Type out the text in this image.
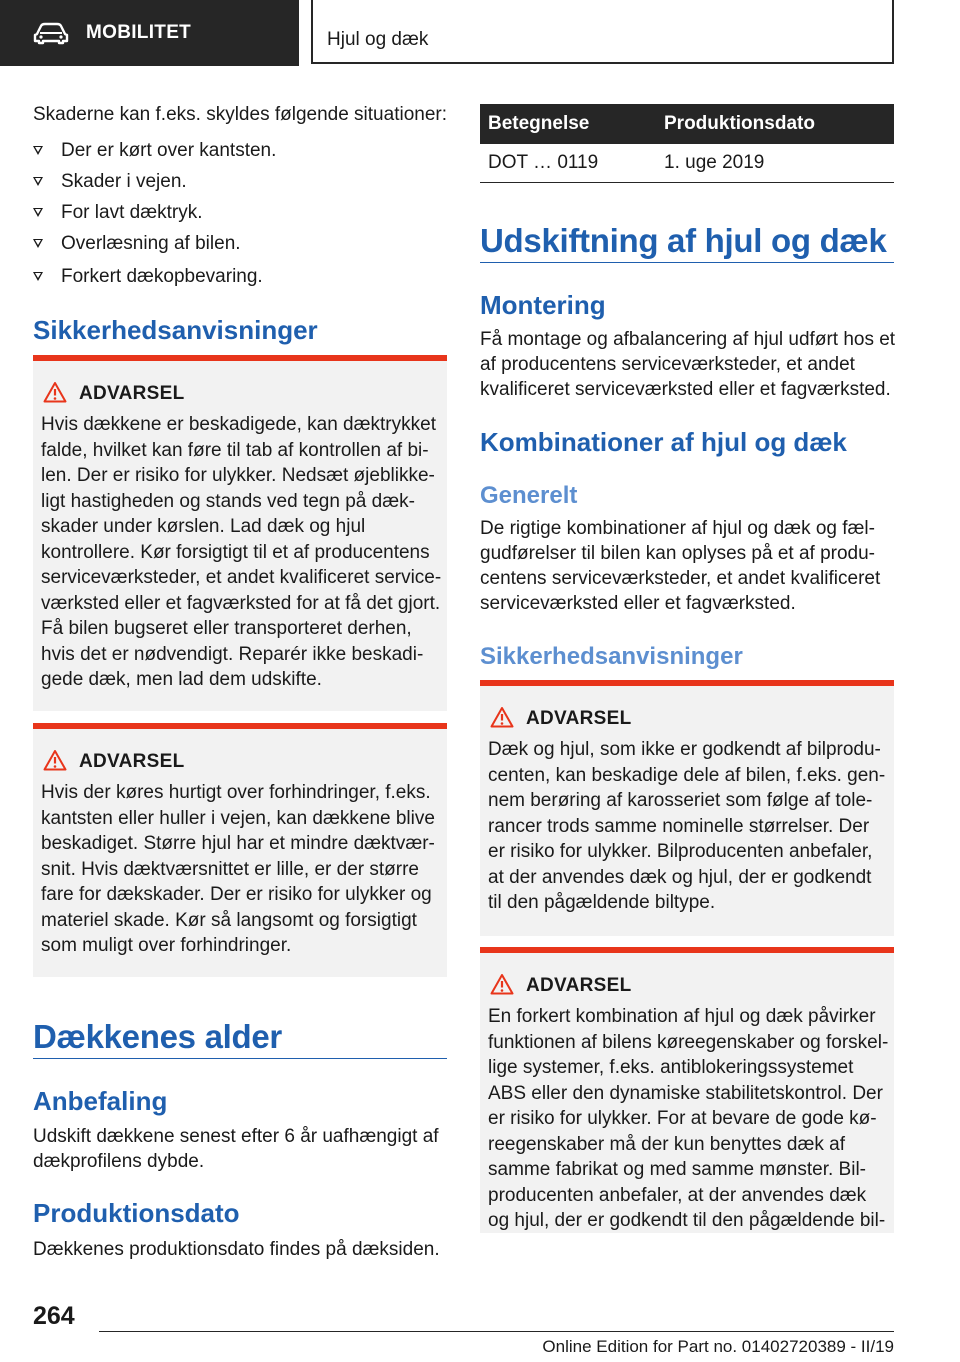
MOBILITET	Hjul og dæk

Skaderne kan f.eks. skyldes følgende situationer:

Der er kørt over kantsten.
Skader i vejen.
For lavt dæktryk.
Overlæsning af bilen.
Forkert dækopbevaring.
Sikkerhedsanvisninger
ADVARSEL
Hvis dækkene er beskadigede, kan dæktrykket
falde, hvilket kan føre til tab af kontrollen af bi‐
len. Der er risiko for ulykker. Nedsæt øjeblikke‐
ligt hastigheden og stands ved tegn på dæk‐
skader under kørslen. Lad dæk og hjul
kontrollere. Kør forsigtigt til et af producentens
serviceværksteder, et andet kvalificeret service‐
værksted eller et fagværksted for at få det gjort.
Få bilen bugseret eller transporteret derhen,
hvis det er nødvendigt. Reparér ikke beskadi‐
gede dæk, men lad dem udskifte.
ADVARSEL
Hvis der køres hurtigt over forhindringer, f.eks.
kantsten eller huller i vejen, kan dækkene blive
beskadiget. Større hjul har et mindre dæktvær‐
snit. Hvis dæktværsnittet er lille, er der større
fare for dækskader. Der er risiko for ulykker og
materiel skade. Kør så langsomt og forsigtigt
som muligt over forhindringer.
Dækkenes alder
Anbefaling

Udskift dækkene senest efter 6 år uafhængigt af
dækprofilens dybde.

Produktionsdato

Dækkenes produktionsdato findes på dæksiden.

Betegnelse	Produktionsdato
DOT … 0119	1. uge 2019
Udskiftning af hjul og dæk
Montering

Få montage og afbalancering af hjul udført hos et
af producentens serviceværksteder, et andet
kvalificeret serviceværksted eller et fagværksted.

Kombinationer af hjul og dæk
Generelt

De rigtige kombinationer af hjul og dæk og fæl‐
gudførelser til bilen kan oplyses på et af produ‐
centens serviceværksteder, et andet kvalificeret
serviceværksted eller et fagværksted.

Sikkerhedsanvisninger
ADVARSEL
Dæk og hjul, som ikke er godkendt af bilprodu‐
centen, kan beskadige dele af bilen, f.eks. gen‐
nem berøring af karosseriet som følge af tole‐
rancer trods samme nominelle størrelser. Der
er risiko for ulykker. Bilproducenten anbefaler,
at der anvendes dæk og hjul, der er godkendt
til den pågældende biltype.
ADVARSEL
En forkert kombination af hjul og dæk påvirker
funktionen af bilens køreegenskaber og forskel‐
lige systemer, f.eks. antiblokeringssystemet
ABS eller den dynamiske stabilitetskontrol. Der
er risiko for ulykker. For at bevare de gode kø‐
reegenskaber må der kun benyttes dæk af
samme fabrikat og med samme mønster. Bil‐
producenten anbefaler, at der anvendes dæk
og hjul, der er godkendt til den pågældende bil‐
264
Online Edition for Part no. 01402720389 - II/19
